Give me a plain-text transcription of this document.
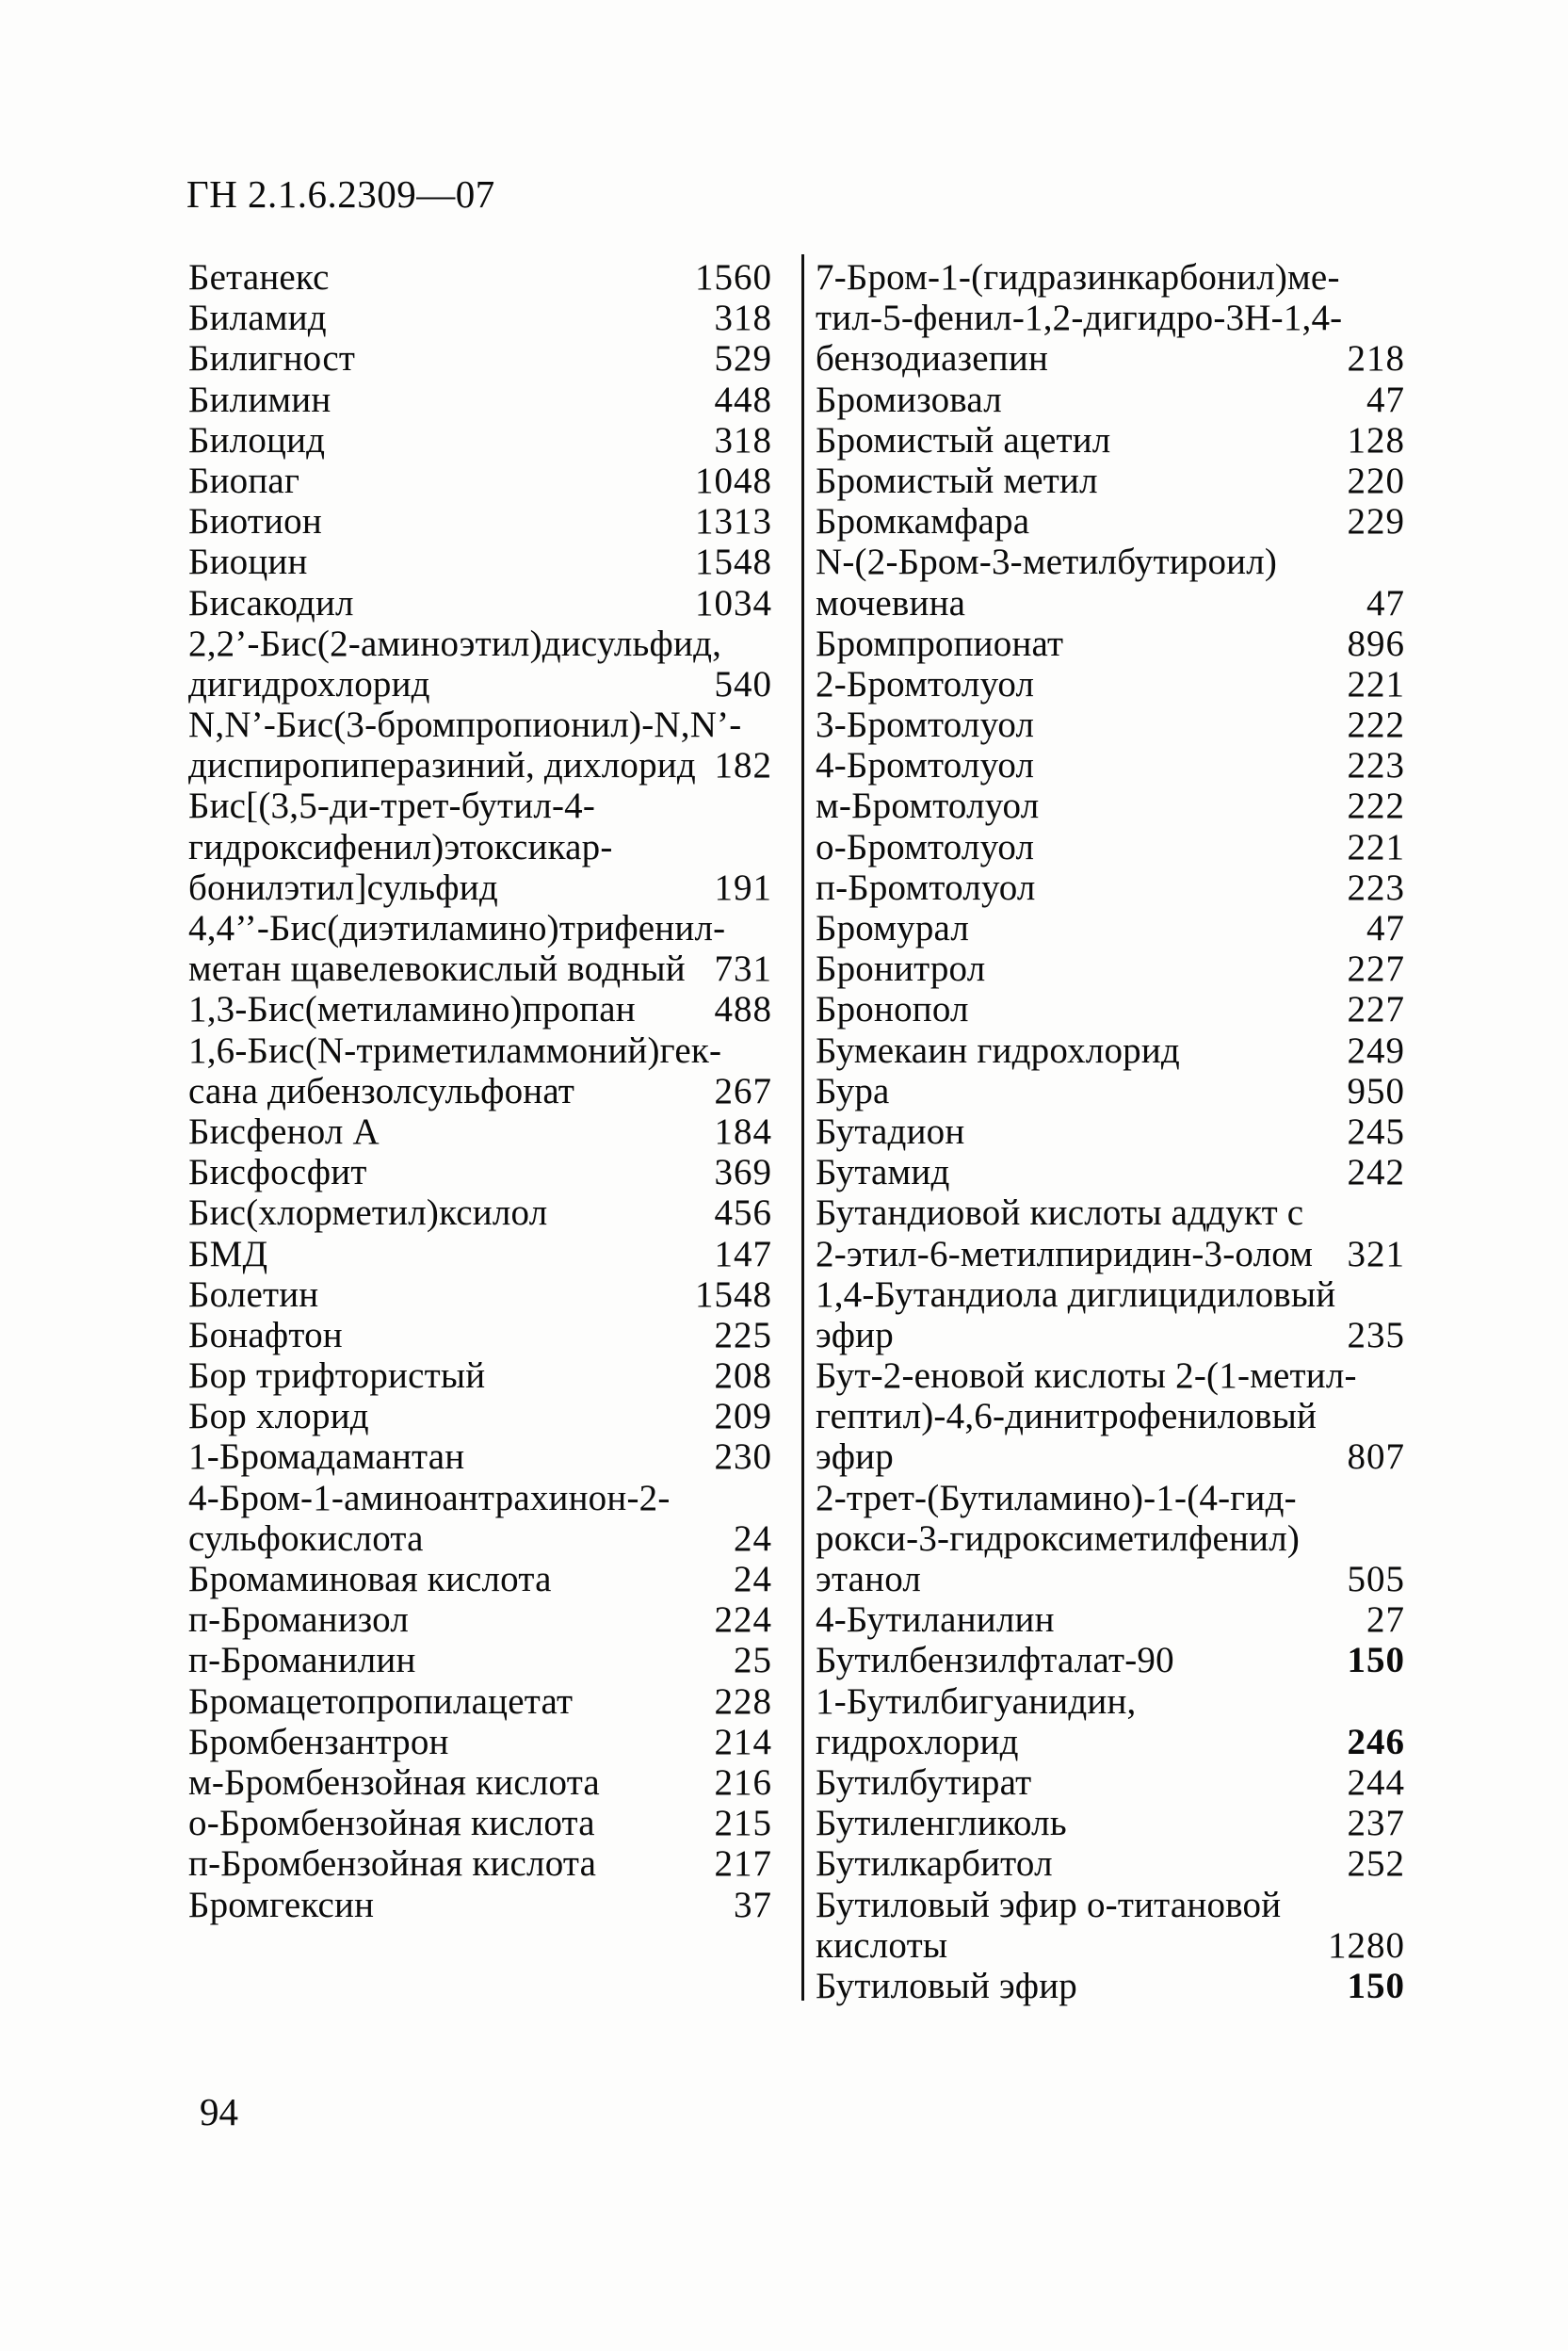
ГН 2.1.6.2309—07
Бетанекс	1560
Биламид	318
Билигност	529
Билимин	448
Билоцид	318
Биопаг	1048
Биотион	1313
Биоцин	1548
Бисакодил	1034
2,2’-Бис(2-аминоэтил)дисульфид,
дигидрохлорид	540
N,N’-Бис(3-бромпропионил)-N,N’-
диспиропиперазиний, дихлорид 182
Бис[(3,5-ди-трет-бутил-4-
гидроксифенил)этоксикар-
бонилэтил]сульфид	191
4,4’’-Бис(диэтиламино)трифенил-
метан щавелевокислый водный 731
1,3-Бис(метиламино)пропан	488
1,6-Бис(N-триметиламмоний)гек-
сана дибензолсульфонат	267
Бисфенол А	184
Бисфосфит	369
Бис(хлорметил)ксилол	456
БМД	147
Болетин	1548
Бонафтон	225
Бор трифтористый	208
Бор хлорид	209
1-Бромадамантан	230
4-Бром-1-аминоантрахинон-2-
сульфокислота	24
Бромаминовая кислота	24
п-Броманизол	224
п-Броманилин	25
Бромацетопропилацетат	228
Бромбензантрон	214
м-Бромбензойная кислота	216
о-Бромбензойная кислота	215
п-Бромбензойная кислота	217
Бромгексин	37
7-Бром-1-(гидразинкарбонил)ме-
тил-5-фенил-1,2-дигидро-3H-1,4-
бензодиазепин	218
Бромизовал	47
Бромистый ацетил	128
Бромистый метил	220
Бромкамфара	229
N-(2-Бром-3-метилбутироил)
мочевина	47
Бромпропионат	896
2-Бромтолуол	221
3-Бромтолуол	222
4-Бромтолуол	223
м-Бромтолуол	222
о-Бромтолуол	221
п-Бромтолуол	223
Бромурал	47
Бронитрол	227
Бронопол	227
Бумекаин гидрохлорид	249
Бура	950
Бутадион	245
Бутамид	242
Бутандиовой кислоты аддукт с
2-этил-6-метилпиридин-3-олом 321
1,4-Бутандиола диглицидиловый
эфир	235
Бут-2-еновой кислоты 2-(1-метил-
гептил)-4,6-динитрофениловый
эфир	807
2-трет-(Бутиламино)-1-(4-гид-
рокси-3-гидроксиметилфенил)
этанол	505
4-Бутиланилин	27
Бутилбензилфталат-90	150
1-Бутилбигуанидин,
гидрохлорид	246
Бутилбутират	244
Бутиленгликоль	237
Бутилкарбитол	252
Бутиловый эфир о-титановой
кислоты	1280
Бутиловый эфир	150
94
